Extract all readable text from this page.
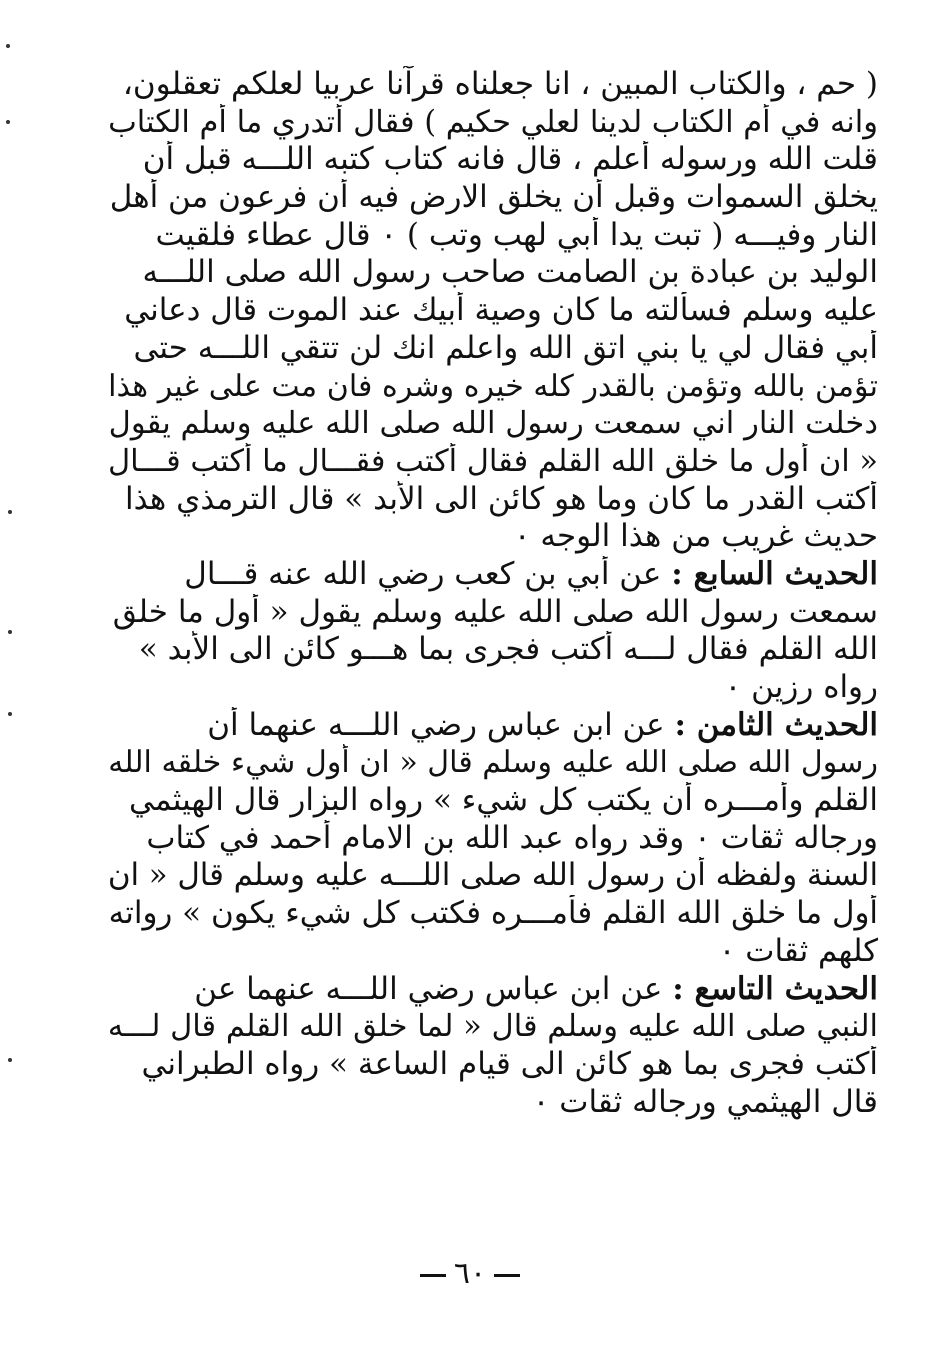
( حم ، والكتاب المبين ، انا جعلناه قرآنا عربيا لعلكم تعقلون،
وانه في أم الكتاب لدينا لعلي حكيم ) فقال أتدري ما أم الكتاب
قلت الله ورسوله أعلم ، قال فانه كتاب كتبه اللـــه قبل أن
يخلق السموات وقبل أن يخلق الارض فيه أن فرعون من أهل
النار وفيـــه ( تبت يدا أبي لهب وتب ) ٠ قال عطاء فلقيت
الوليد بن عبادة بن الصامت صاحب رسول الله صلى اللـــه
عليه وسلم فسألته ما كان وصية أبيك عند الموت قال دعاني
أبي فقال لي يا بني اتق الله واعلم انك لن تتقي اللـــه حتى
تؤمن بالله وتؤمن بالقدر كله خيره وشره فان مت على غير هذا
دخلت النار اني سمعت رسول الله صلى الله عليه وسلم يقول
« ان أول ما خلق الله القلم فقال أكتب فقـــال ما أكتب قـــال
أكتب القدر ما كان وما هو كائن الى الأبد » قال الترمذي هذا
حديث غريب من هذا الوجه ٠
الحديث السابع : عن أبي بن كعب رضي الله عنه قـــال
سمعت رسول الله صلى الله عليه وسلم يقول « أول ما خلق
الله القلم فقال لـــه أكتب فجرى بما هـــو كائن الى الأبد »
رواه رزين ٠
الحديث الثامن : عن ابن عباس رضي اللـــه عنهما أن
رسول الله صلى الله عليه وسلم قال « ان أول شيء خلقه الله
القلم وأمـــره أن يكتب كل شيء » رواه البزار قال الهيثمي
ورجاله ثقات ٠ وقد رواه عبد الله بن الامام أحمد في كتاب
السنة ولفظه أن رسول الله صلى اللـــه عليه وسلم قال « ان
أول ما خلق الله القلم فأمـــره فكتب كل شيء يكون » رواته
كلهم ثقات ٠
الحديث التاسع : عن ابن عباس رضي اللـــه عنهما عن
النبي صلى الله عليه وسلم قال « لما خلق الله القلم قال لـــه
أكتب فجرى بما هو كائن الى قيام الساعة » رواه الطبراني
قال الهيثمي ورجاله ثقات ٠
٦٠
